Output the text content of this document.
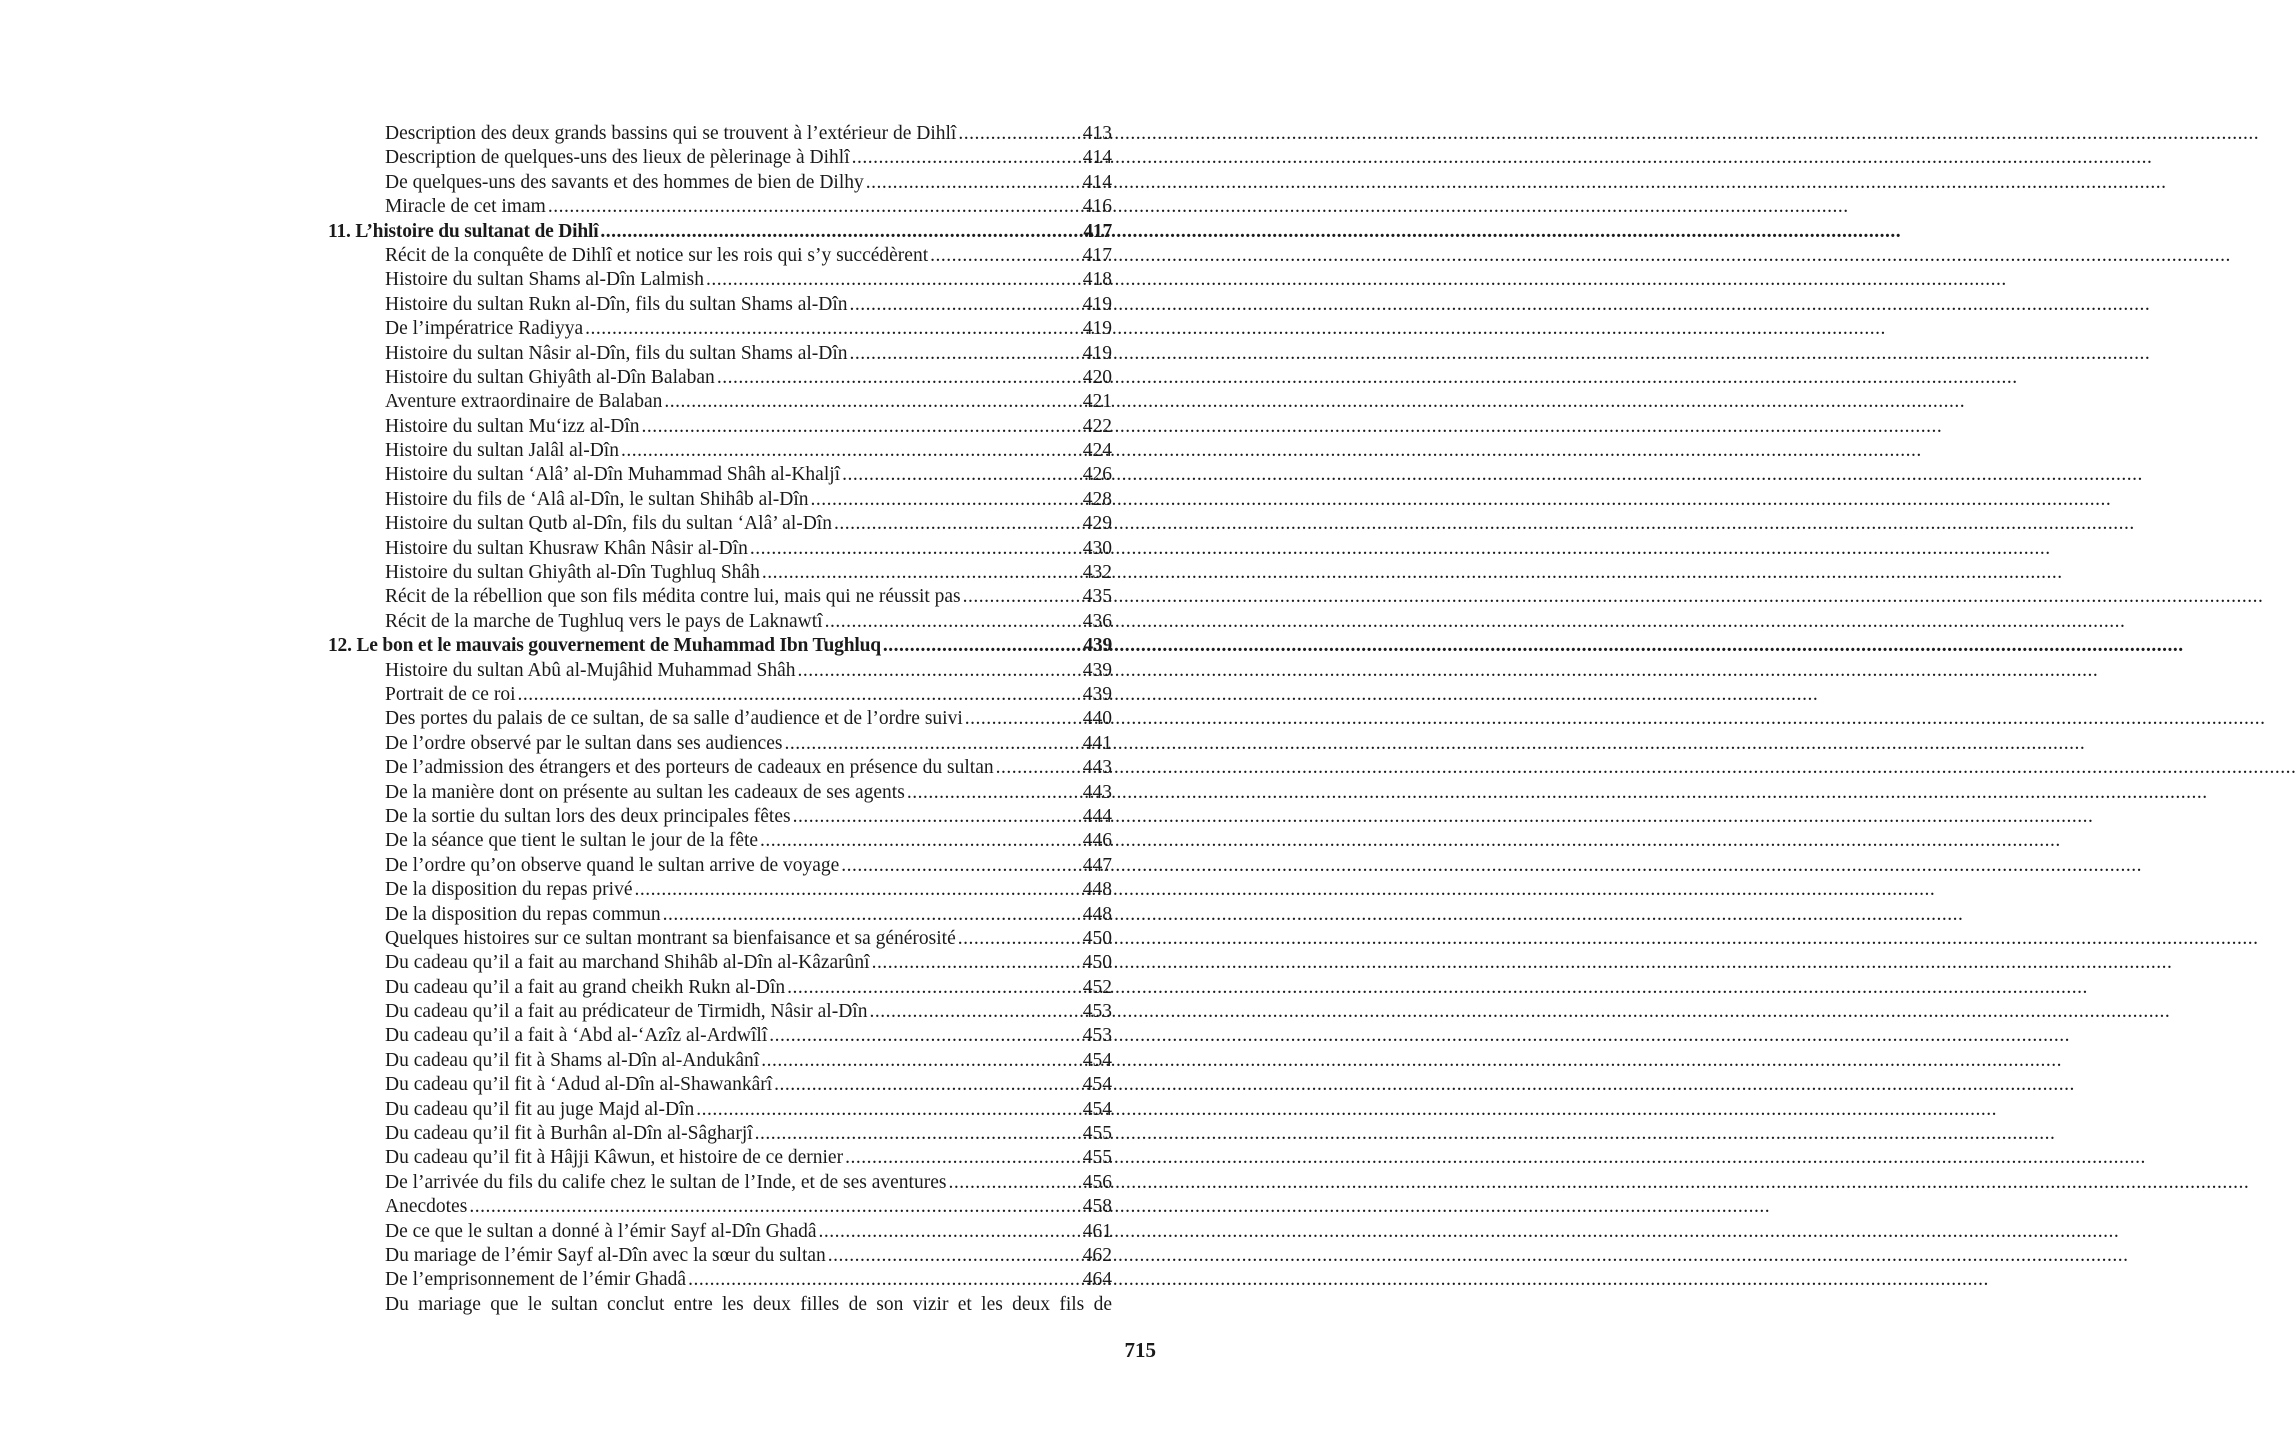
Description des deux grands bassins qui se trouvent à l’extérieur de Dihlî .....	413
Description de quelques-uns des lieux de pèlerinage à Dihlî .....	414
De quelques-uns des savants et des hommes de bien de Dilhy .....	414
Miracle de cet imam .....	416
11. L’histoire du sultanat de Dihlî .....	417
Récit de la conquête de Dihlî et notice sur les rois qui s’y succédèrent .....	417
Histoire du sultan Shams al-Dîn Lalmish .....	418
Histoire du sultan Rukn al-Dîn, fils du sultan Shams al-Dîn .....	419
De l’impératrice Radiyya .....	419
Histoire du sultan Nâsir al-Dîn, fils du sultan Shams al-Dîn .....	419
Histoire du sultan Ghiyâth al-Dîn Balaban .....	420
Aventure extraordinaire de Balaban .....	421
Histoire du sultan Mu‘izz al-Dîn .....	422
Histoire du sultan Jalâl al-Dîn .....	424
Histoire du sultan ‘Alâ’ al-Dîn Muhammad Shâh al-Khaljî .....	426
Histoire du fils de ‘Alâ al-Dîn, le sultan Shihâb al-Dîn .....	428
Histoire du sultan Qutb al-Dîn, fils du sultan ‘Alâ’ al-Dîn .....	429
Histoire du sultan Khusraw Khân Nâsir al-Dîn .....	430
Histoire du sultan Ghiyâth al-Dîn Tughluq Shâh .....	432
Récit de la rébellion que son fils médita contre lui, mais qui ne réussit pas .....	435
Récit de la marche de Tughluq vers le pays de Laknawtî .....	436
12. Le bon et le mauvais gouvernement de Muhammad Ibn Tughluq .....	439
Histoire du sultan Abû al-Mujâhid Muhammad Shâh .....	439
Portrait de ce roi .....	439
Des portes du palais de ce sultan, de sa salle d’audience et de l’ordre suivi .....	440
De l’ordre observé par le sultan dans ses audiences .....	441
De l’admission des étrangers et des porteurs de cadeaux en présence du sultan .....	443
De la manière dont on présente au sultan les cadeaux de ses agents .....	443
De la sortie du sultan lors des deux principales fêtes .....	444
De la séance que tient le sultan le jour de la fête .....	446
De l’ordre qu’on observe quand le sultan arrive de voyage .....	447
De la disposition du repas privé .....	448
De la disposition du repas commun .....	448
Quelques histoires sur ce sultan montrant sa bienfaisance et sa générosité .....	450
Du cadeau qu’il a fait au marchand Shihâb al-Dîn al-Kâzarûnî .....	450
Du cadeau qu’il a fait au grand cheikh Rukn al-Dîn .....	452
Du cadeau qu’il a fait au prédicateur de Tirmidh, Nâsir al-Dîn .....	453
Du cadeau qu’il a fait à ‘Abd al-‘Azîz al-Ardwîlî .....	453
Du cadeau qu’il fit à Shams al-Dîn al-Andukânî .....	454
Du cadeau qu’il fit à ‘Adud al-Dîn al-Shawankârî .....	454
Du cadeau qu’il fit au juge Majd al-Dîn .....	454
Du cadeau qu’il fit à Burhân al-Dîn al-Sâgharjî .....	455
Du cadeau qu’il fit à Hâjji Kâwun, et histoire de ce dernier .....	455
De l’arrivée du fils du calife chez le sultan de l’Inde, et de ses aventures .....	456
Anecdotes .....	458
De ce que le sultan a donné à l’émir Sayf al-Dîn Ghadâ .....	461
Du mariage de l’émir Sayf al-Dîn avec la sœur du sultan .....	462
De l’emprisonnement de l’émir Ghadâ .....	464
Du mariage que le sultan conclut entre les deux filles de son vizir et les deux fils de
715
